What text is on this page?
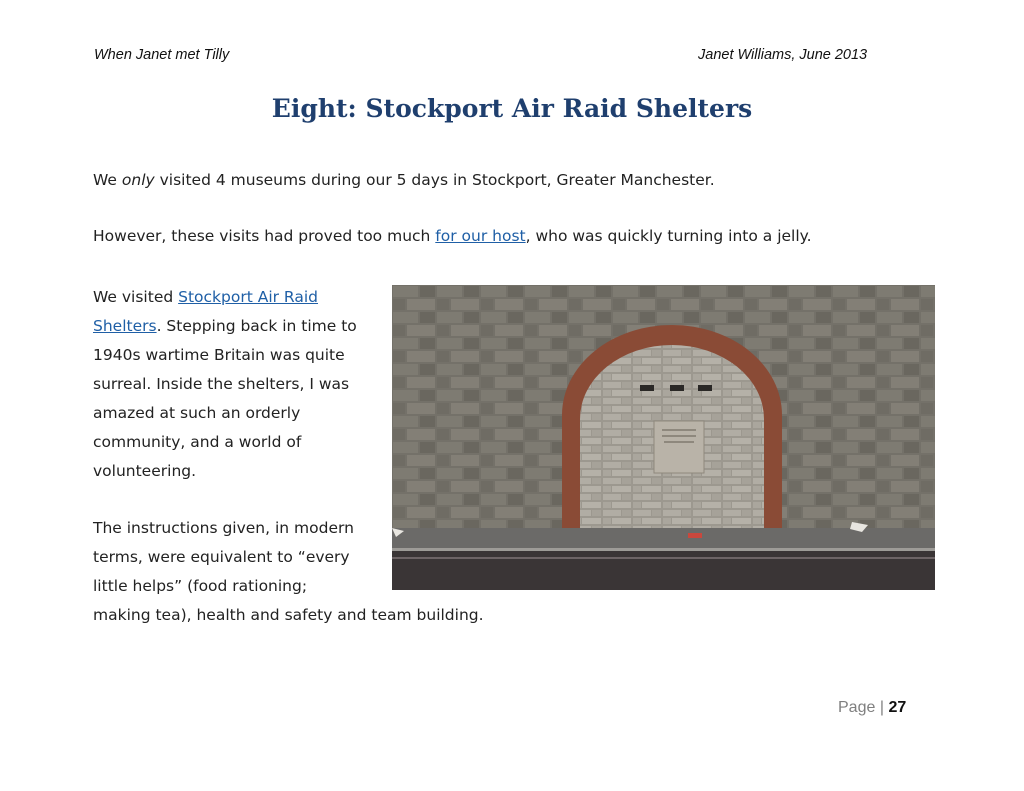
When Janet met Tilly	Janet Williams, June 2013
Eight: Stockport Air Raid Shelters
We only visited 4 museums during our 5 days in Stockport, Greater Manchester.
However, these visits had proved too much for our host, who was quickly turning into a jelly.
We visited Stockport Air Raid Shelters. Stepping back in time to 1940s wartime Britain was quite surreal. Inside the shelters, I was amazed at such an orderly community, and a world of volunteering.
The instructions given, in modern terms, were equivalent to “every little helps” (food rationing;
making tea), health and safety and team building.
Page | 27
